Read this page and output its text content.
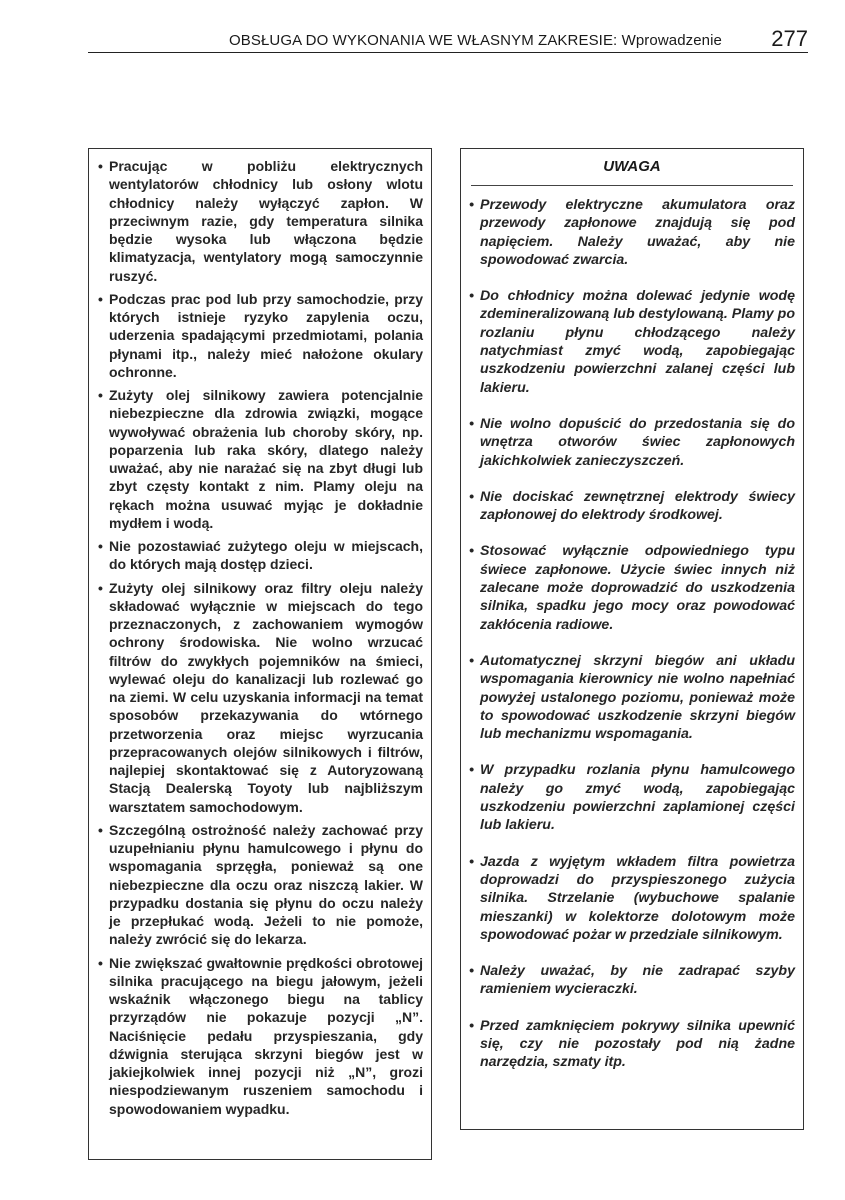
OBSŁUGA DO WYKONANIA WE WŁASNYM ZAKRESIE: Wprowadzenie 277
• Pracując w pobliżu elektrycznych wentylatorów chłodnicy lub osłony wlotu chłodnicy należy wyłączyć zapłon. W przeciwnym razie, gdy temperatura silnika będzie wysoka lub włączona będzie klimatyzacja, wentylatory mogą samoczynnie ruszyć.
• Podczas prac pod lub przy samochodzie, przy których istnieje ryzyko zapylenia oczu, uderzenia spadającymi przedmiotami, polania płynami itp., należy mieć nałożone okulary ochronne.
• Zużyty olej silnikowy zawiera potencjalnie niebezpieczne dla zdrowia związki, mogące wywoływać obrażenia lub choroby skóry, np. poparzenia lub raka skóry, dlatego należy uważać, aby nie narażać się na zbyt długi lub zbyt częsty kontakt z nim. Plamy oleju na rękach można usuwać myjąc je dokładnie mydłem i wodą.
• Nie pozostawiać zużytego oleju w miejscach, do których mają dostęp dzieci.
• Zużyty olej silnikowy oraz filtry oleju należy składować wyłącznie w miejscach do tego przeznaczonych, z zachowaniem wymogów ochrony środowiska. Nie wolno wrzucać filtrów do zwykłych pojemników na śmieci, wylewać oleju do kanalizacji lub rozlewać go na ziemi. W celu uzyskania informacji na temat sposobów przekazywania do wtórnego przetworzenia oraz miejsc wyrzucania przepracowanych olejów silnikowych i filtrów, najlepiej skontaktować się z Autoryzowaną Stacją Dealerską Toyoty lub najbliższym warsztatem samochodowym.
• Szczególną ostrożność należy zachować przy uzupełnianiu płynu hamulcowego i płynu do wspomagania sprzęgła, ponieważ są one niebezpieczne dla oczu oraz niszczą lakier. W przypadku dostania się płynu do oczu należy je przepłukać wodą. Jeżeli to nie pomoże, należy zwrócić się do lekarza.
• Nie zwiększać gwałtownie prędkości obrotowej silnika pracującego na biegu jałowym, jeżeli wskaźnik włączonego biegu na tablicy przyrządów nie pokazuje pozycji „N”. Naciśnięcie pedału przyspieszania, gdy dźwignia sterująca skrzyni biegów jest w jakiejkolwiek innej pozycji niż „N”, grozi niespodziewanym ruszeniem samochodu i spowodowaniem wypadku.
UWAGA
• Przewody elektryczne akumulatora oraz przewody zapłonowe znajdują się pod napięciem. Należy uważać, aby nie spowodować zwarcia.
• Do chłodnicy można dolewać jedynie wodę zdemineralizowaną lub destylowaną. Plamy po rozlaniu płynu chłodzącego należy natychmiast zmyć wodą, zapobiegając uszkodzeniu powierzchni zalanej części lub lakieru.
• Nie wolno dopuścić do przedostania się do wnętrza otworów świec zapłonowych jakichkolwiek zanieczyszczeń.
• Nie dociskać zewnętrznej elektrody świecy zapłonowej do elektrody środkowej.
• Stosować wyłącznie odpowiedniego typu świece zapłonowe. Użycie świec innych niż zalecane może doprowadzić do uszkodzenia silnika, spadku jego mocy oraz powodować zakłócenia radiowe.
• Automatycznej skrzyni biegów ani układu wspomagania kierownicy nie wolno napełniać powyżej ustalonego poziomu, ponieważ może to spowodować uszkodzenie skrzyni biegów lub mechanizmu wspomagania.
• W przypadku rozlania płynu hamulcowego należy go zmyć wodą, zapobiegając uszkodzeniu powierzchni zaplamionej części lub lakieru.
• Jazda z wyjętym wkładem filtra powietrza doprowadzi do przyspieszonego zużycia silnika. Strzelanie (wybuchowe spalanie mieszanki) w kolektorze dolotowym może spowodować pożar w przedziale silnikowym.
• Należy uważać, by nie zadrapać szyby ramieniem wycieraczki.
• Przed zamknięciem pokrywy silnika upewnić się, czy nie pozostały pod nią żadne narzędzia, szmaty itp.
